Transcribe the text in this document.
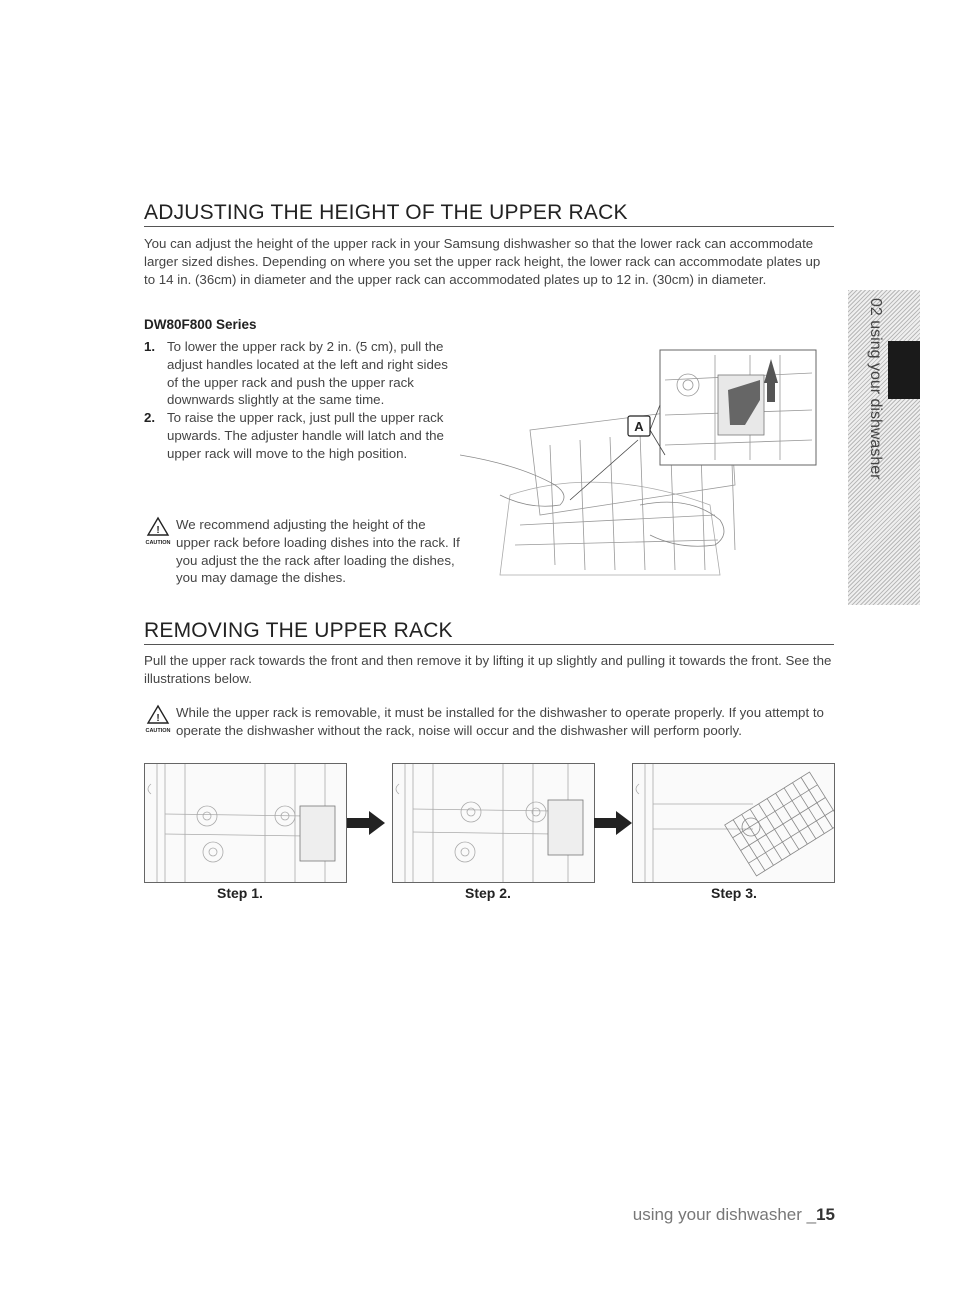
ADJUSTING THE HEIGHT OF THE UPPER RACK

You can adjust the height of the upper rack in your Samsung dishwasher so that the lower rack can accommodate larger sized dishes. Depending on where you set the upper rack height, the lower rack can accommodate plates up to 14 in. (36cm) in diameter and the upper rack can accommodated plates up to 12 in. (30cm) in diameter.

DW80F800 Series
1. To lower the upper rack by 2 in. (5 cm), pull the adjust handles located at the left and right sides of the upper rack and push the upper rack downwards slightly at the same time.
2. To raise the upper rack, just pull the upper rack upwards. The adjuster handle will latch and the upper rack will move to the high position.
!
CAUTION
We recommend adjusting the height of the upper rack before loading dishes into the rack. If you adjust the the rack after loading the dishes, you may damage the dishes.
A
REMOVING THE UPPER RACK

Pull the upper rack towards the front and then remove it by lifting it up slightly and pulling it towards the front. See the illustrations below.

!
CAUTION
While the upper rack is removable, it must be installed for the dishwasher to operate properly. If you attempt to operate the dishwasher without the rack, noise will occur and the dishwasher will perform poorly.
Step 1.	Step 2.	Step 3.
02 using your dishwasher
using your dishwasher _15
